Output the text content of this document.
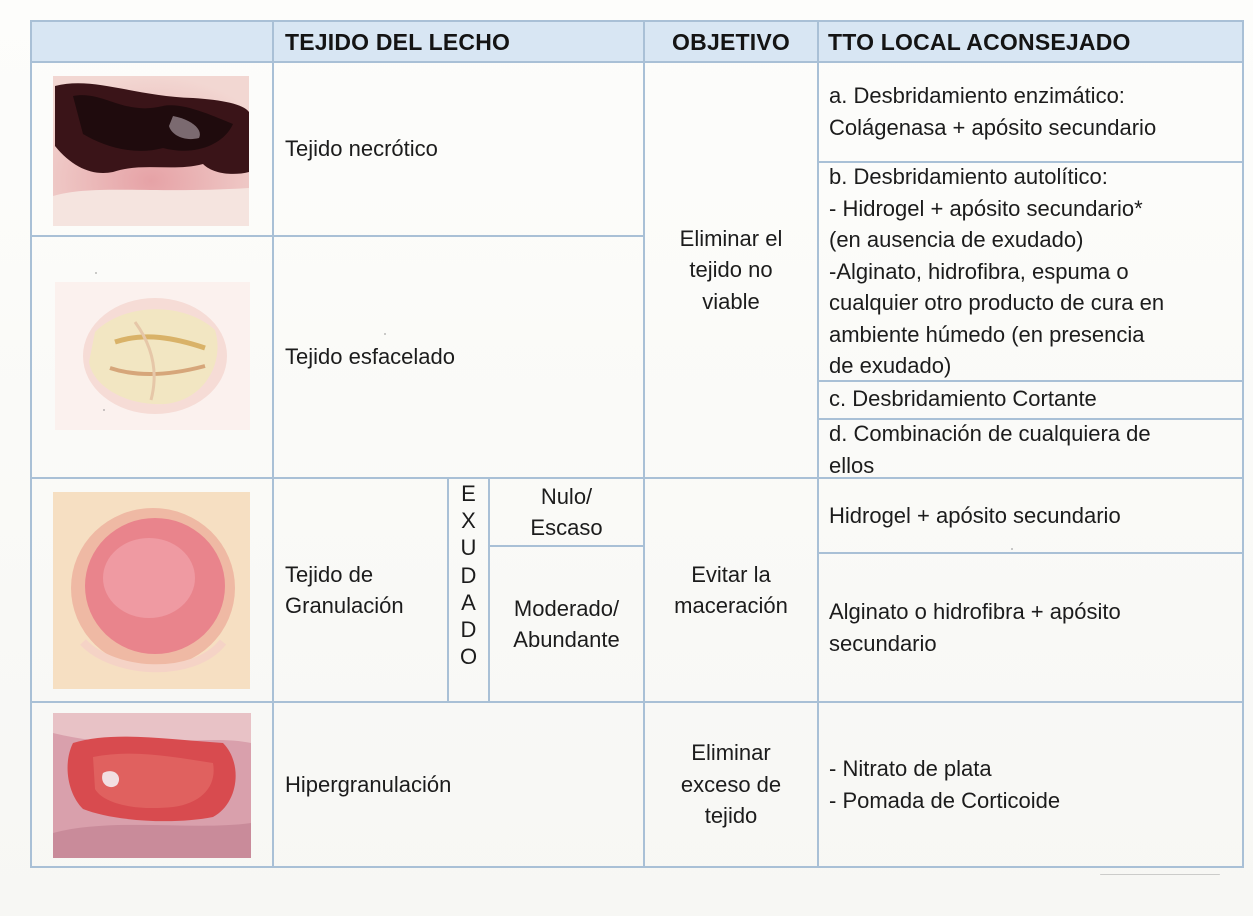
TEJIDO DEL LECHO	OBJETIVO	TTO LOCAL ACONSEJADO
Tejido necrótico
Tejido esfacelado
Tejido de
Granulación
Hipergranulación
E
X
U
D
A
D
O
Nulo/
Escaso
Moderado/
Abundante
Eliminar el
tejido no
viable
Evitar la
maceración
Eliminar
exceso de
tejido
a. Desbridamiento enzimático:
Colágenasa + apósito secundario
b. Desbridamiento autolítico:
- Hidrogel + apósito secundario*
(en ausencia de exudado)
-Alginato, hidrofibra, espuma o
cualquier otro producto de cura en
ambiente húmedo (en presencia
de exudado)
c. Desbridamiento Cortante
d. Combinación de cualquiera de
ellos
Hidrogel + apósito secundario
Alginato o hidrofibra + apósito
secundario
- Nitrato de plata
- Pomada de Corticoide
